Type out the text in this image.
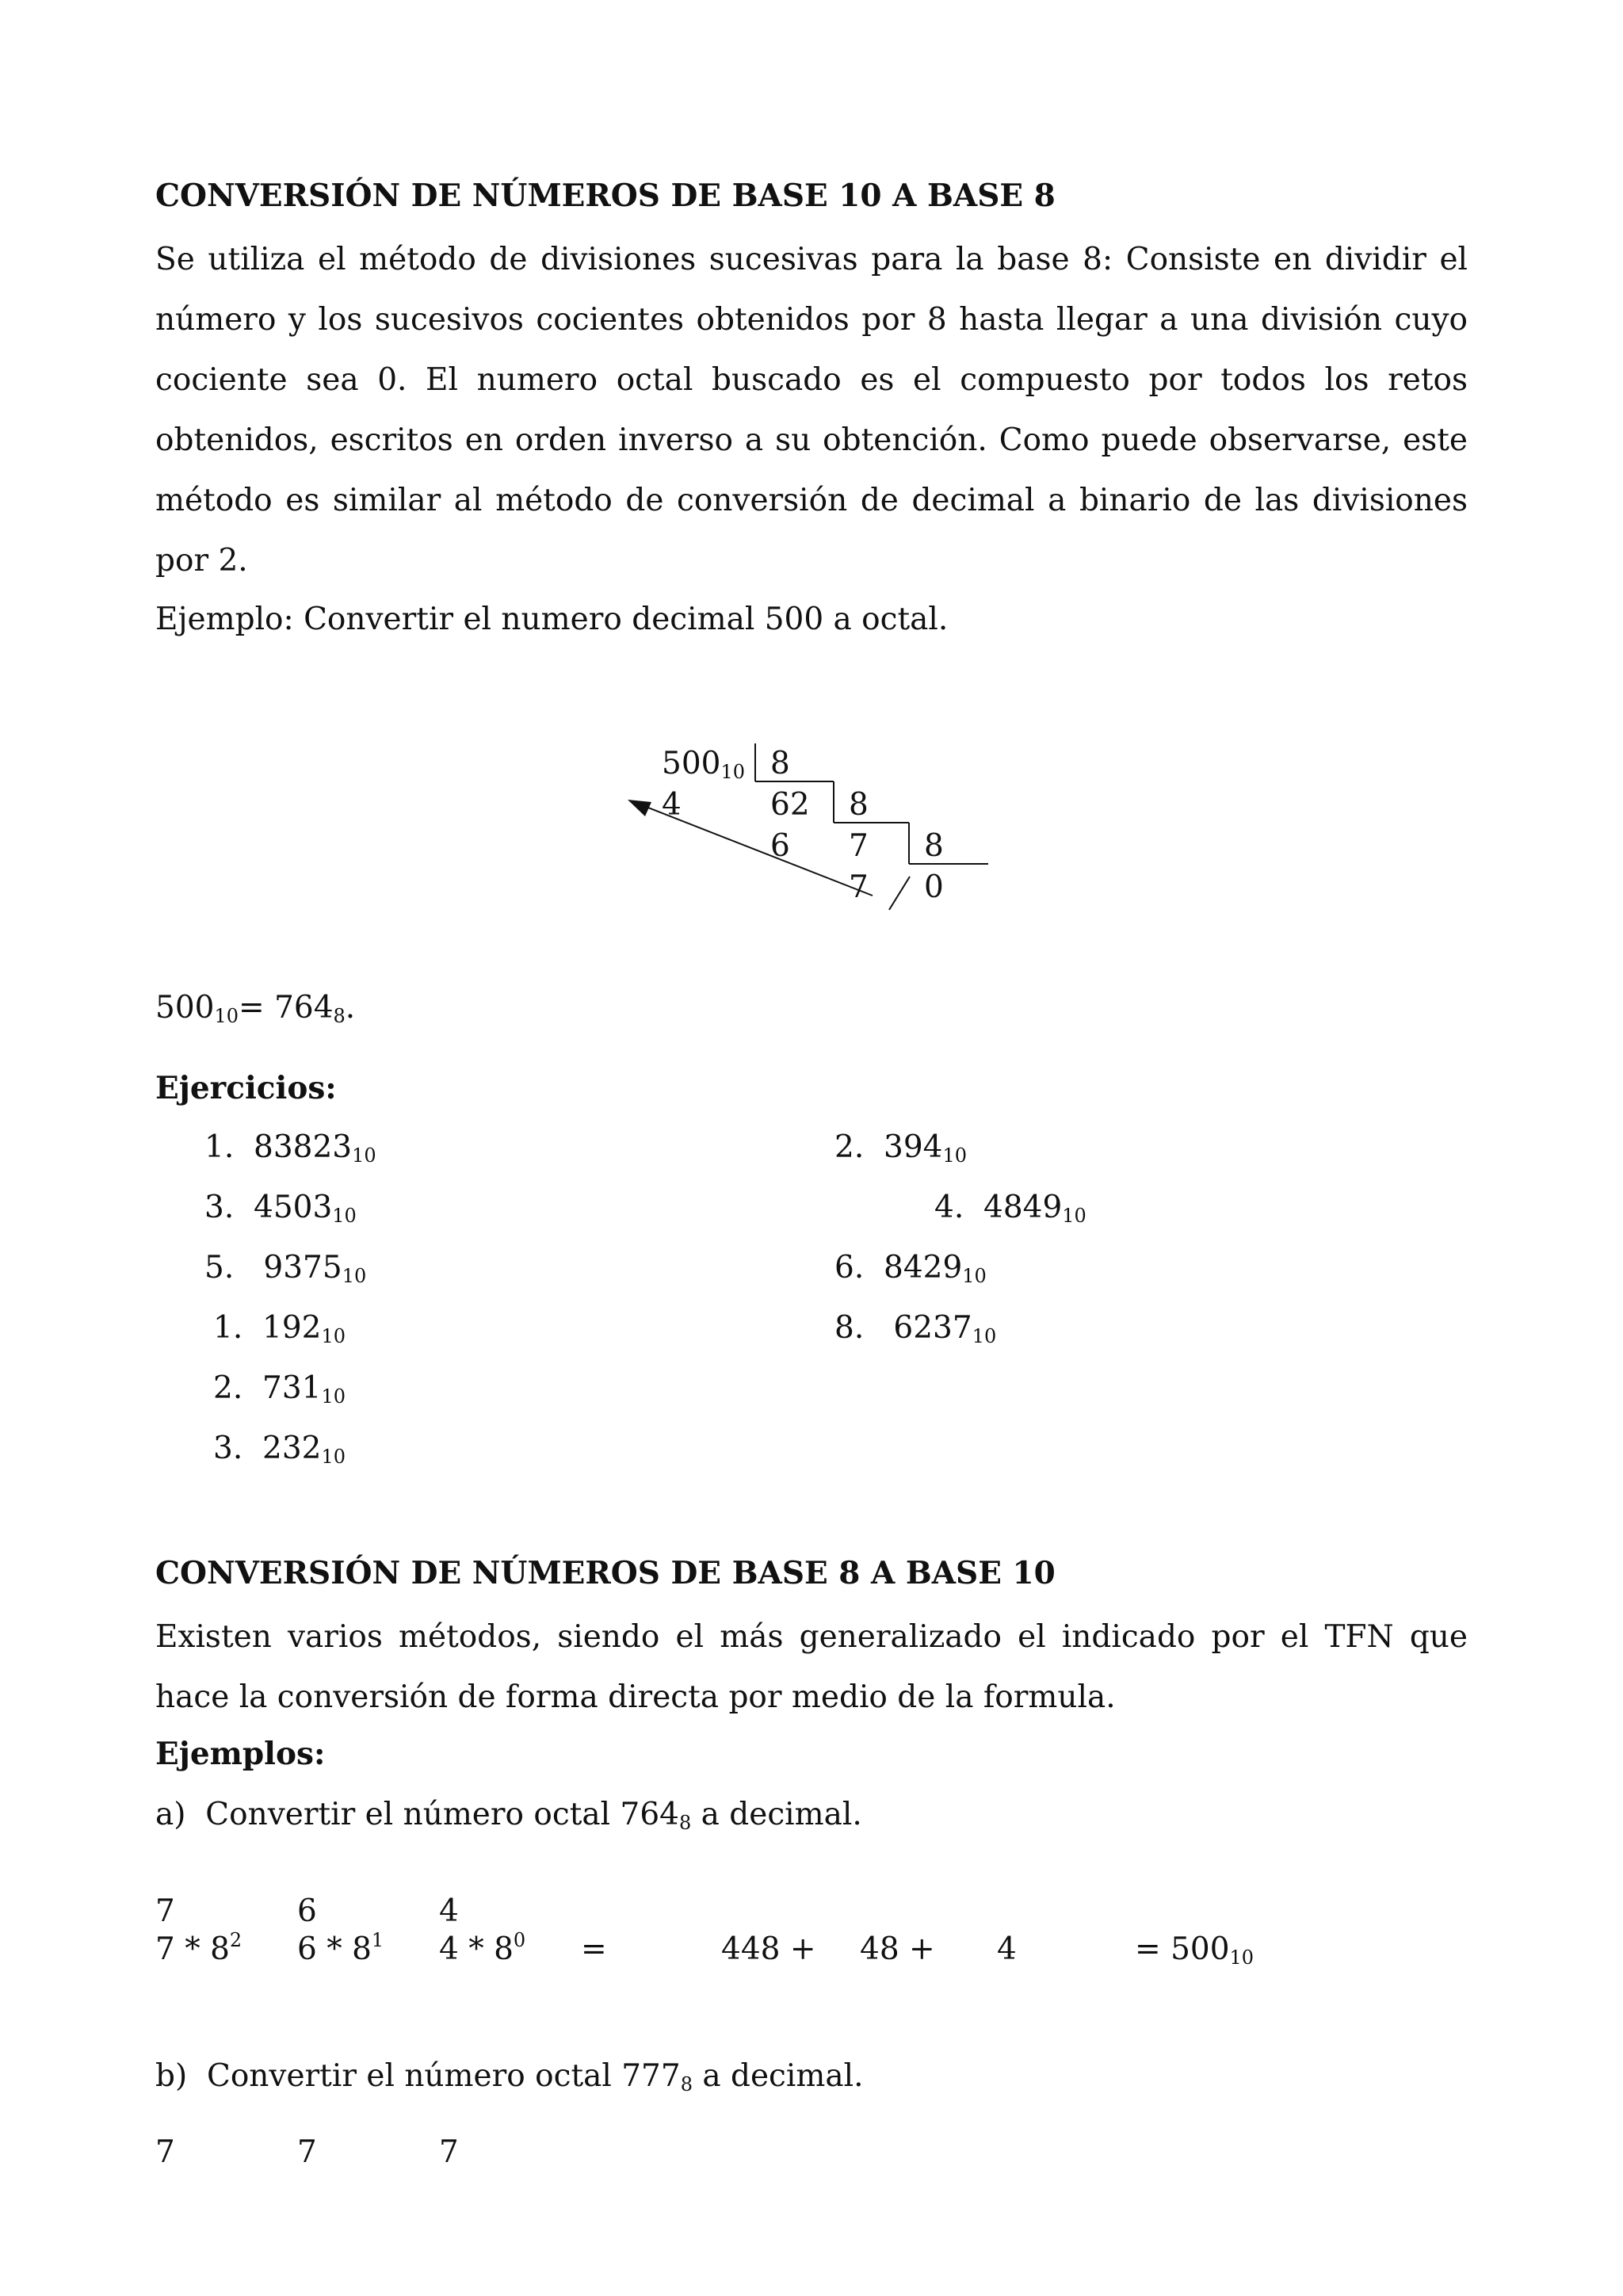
CONVERSIÓN DE NÚMEROS DE BASE 10 A BASE 8
Se utiliza el método de divisiones sucesivas para la base 8: Consiste en dividir el número y los sucesivos cocientes obtenidos por 8 hasta llegar a una división cuyo cociente sea 0. El numero octal buscado es el compuesto por todos los retos obtenidos, escritos en orden inverso a su obtención. Como puede observarse, este método es similar al método de conversión de decimal a binario de las divisiones por 2.
Ejemplo: Convertir el numero decimal 500 a octal.
$500_{10}$ 8
4	62 8
6 7 8
7 0
$500_{10}= 764_8$.
Ejercicios:
1. $83823_{10}$	2. $394_{10}$
3. $4503_{10}$	4. $4849_{10}$
5. $9375_{10}$	6. $8429_{10}$
1. $192_{10}$	8. $6237_{10}$
2. $731_{10}$
3. $232_{10}$
CONVERSIÓN DE NÚMEROS DE BASE 8 A BASE 10
Existen varios métodos, siendo el más generalizado el indicado por el TFN que hace la conversión de forma directa por medio de la formula.
Ejemplos:
a) Convertir el número octal $764_8$ a decimal.
7	6	4
$7 * 8^2$ $6 * 8^1$ $4 * 8^0$ =	448 + 48 + 4	= $500_{10}$
b) Convertir el número octal $777_8$ a decimal.
7	7	7
